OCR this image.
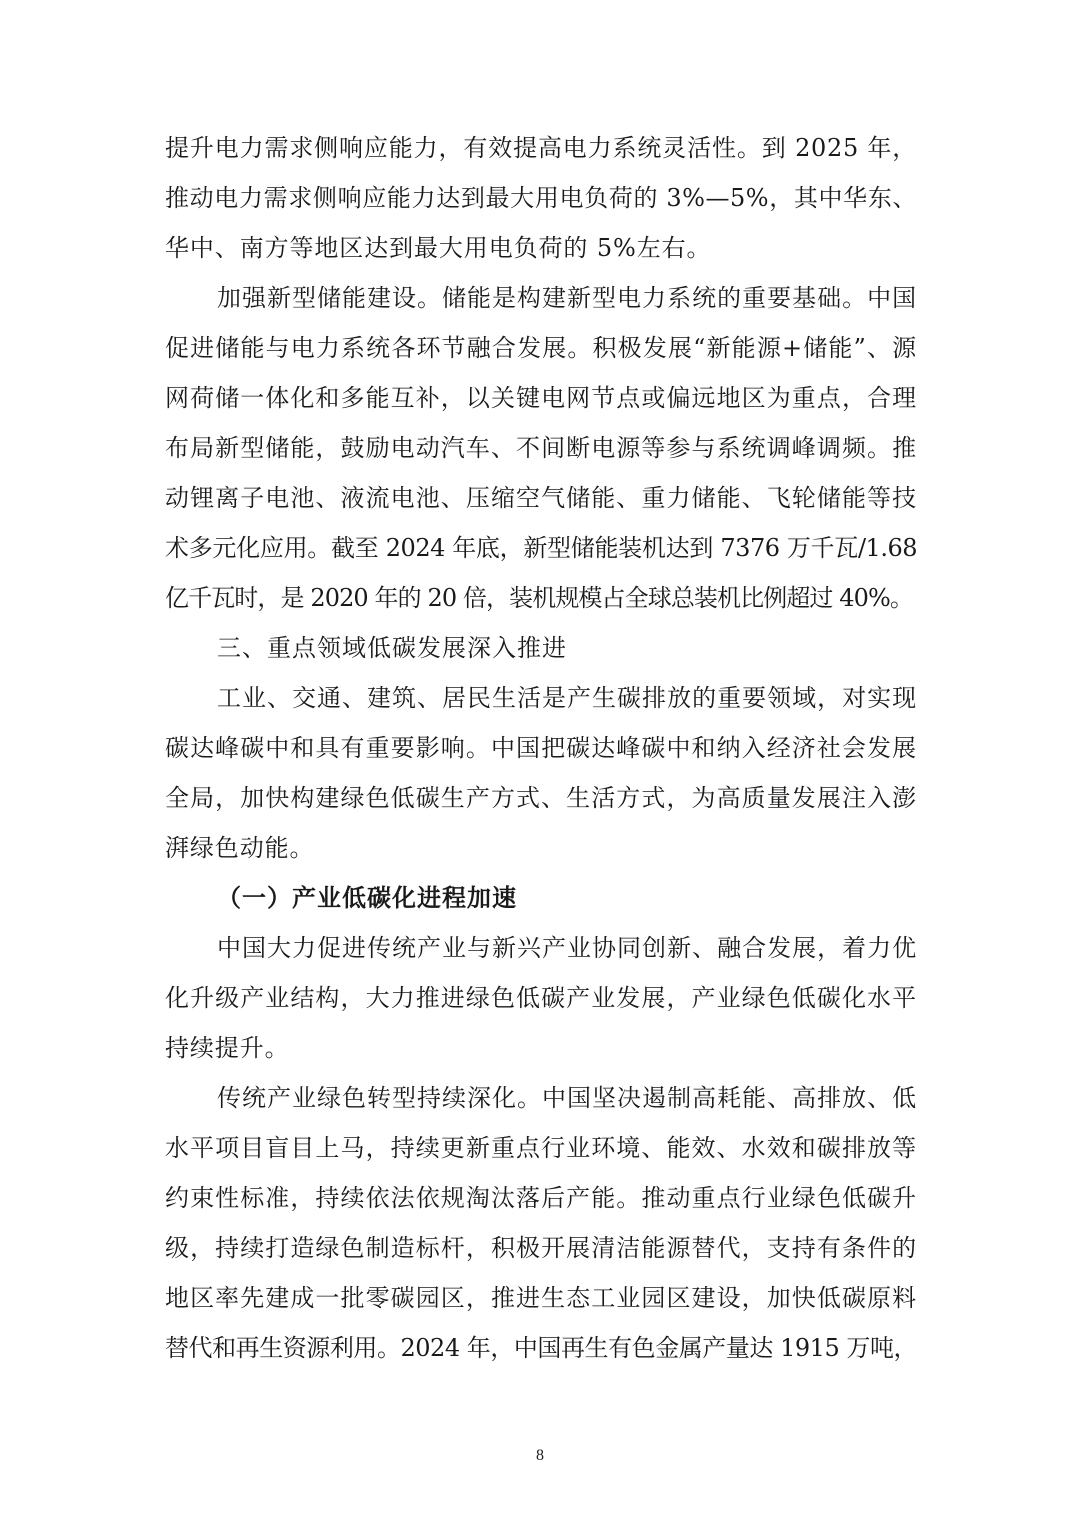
提升电力需求侧响应能力，有效提高电力系统灵活性。到 2025 年，
推动电力需求侧响应能力达到最大用电负荷的 3%—5%，其中华东、
华中、南方等地区达到最大用电负荷的 5%左右。
加强新型储能建设。储能是构建新型电力系统的重要基础。中国
促进储能与电力系统各环节融合发展。积极发展“新能源+储能”、源
网荷储一体化和多能互补，以关键电网节点或偏远地区为重点，合理
布局新型储能，鼓励电动汽车、不间断电源等参与系统调峰调频。推
动锂离子电池、液流电池、压缩空气储能、重力储能、飞轮储能等技
术多元化应用。截至 2024 年底，新型储能装机达到 7376 万千瓦/1.68
亿千瓦时，是 2020 年的 20 倍，装机规模占全球总装机比例超过 40%。
三、重点领域低碳发展深入推进
工业、交通、建筑、居民生活是产生碳排放的重要领域，对实现
碳达峰碳中和具有重要影响。中国把碳达峰碳中和纳入经济社会发展
全局，加快构建绿色低碳生产方式、生活方式，为高质量发展注入澎
湃绿色动能。
（一）产业低碳化进程加速
中国大力促进传统产业与新兴产业协同创新、融合发展，着力优
化升级产业结构，大力推进绿色低碳产业发展，产业绿色低碳化水平
持续提升。
传统产业绿色转型持续深化。中国坚决遏制高耗能、高排放、低
水平项目盲目上马，持续更新重点行业环境、能效、水效和碳排放等
约束性标准，持续依法依规淘汰落后产能。推动重点行业绿色低碳升
级，持续打造绿色制造标杆，积极开展清洁能源替代，支持有条件的
地区率先建成一批零碳园区，推进生态工业园区建设，加快低碳原料
替代和再生资源利用。2024 年，中国再生有色金属产量达 1915 万吨，
8
